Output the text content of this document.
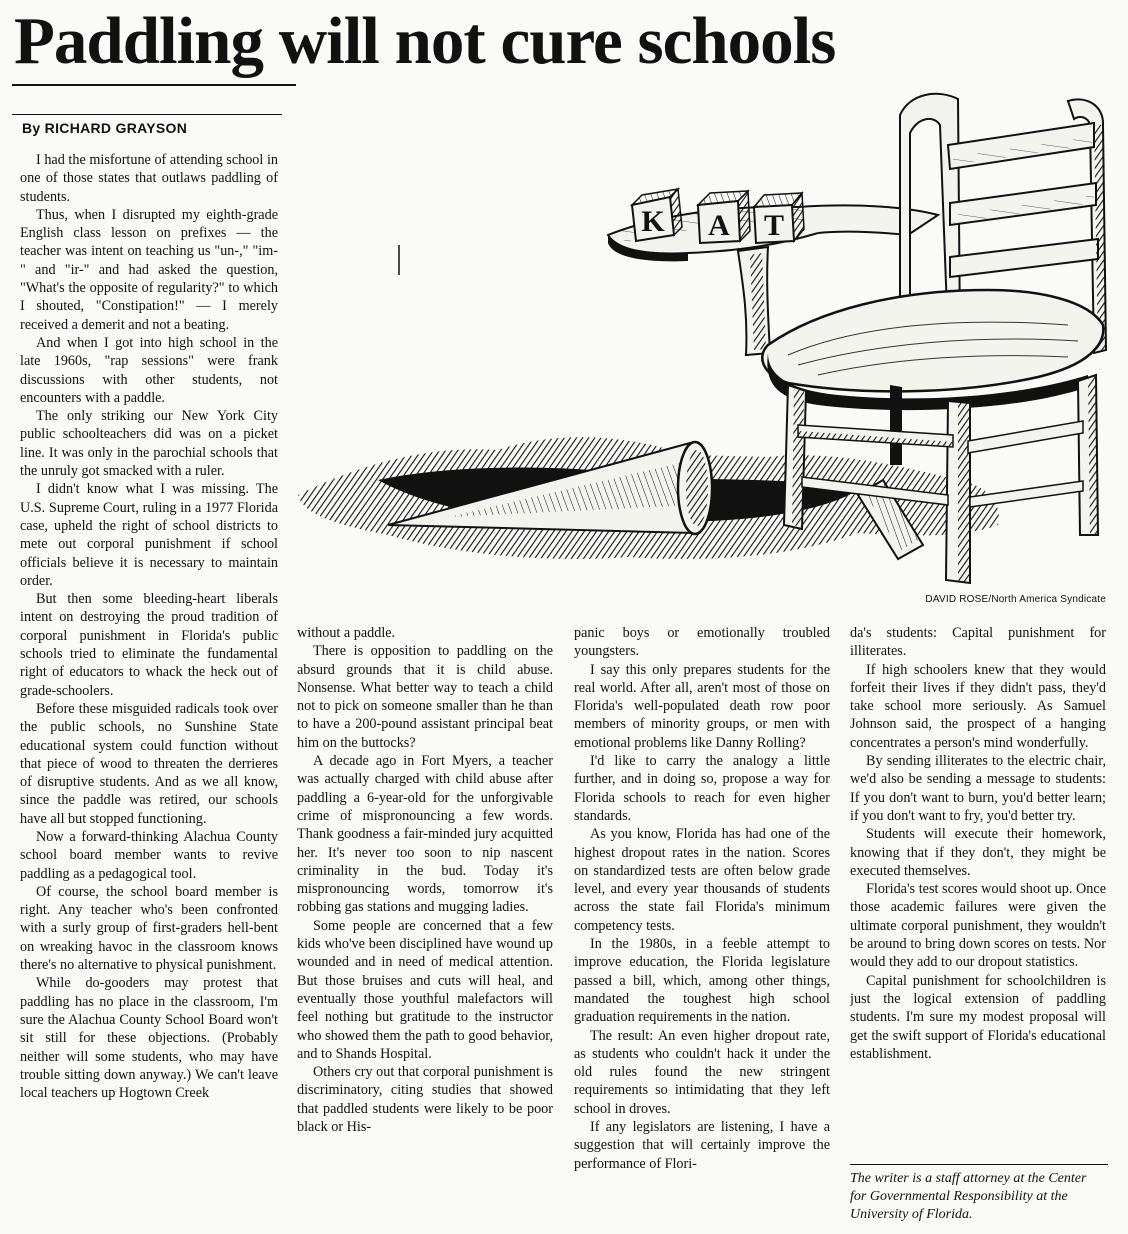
Paddling will not cure schools
By RICHARD GRAYSON
K A T
DAVID ROSE/North America Syndicate

I had the misfortune of attending school in one of those states that outlaws paddling of students.

Thus, when I disrupted my eighth-grade English class lesson on prefixes — the teacher was intent on teaching us "un-," "im-" and "ir-" and had asked the question, "What's the opposite of regularity?" to which I shouted, "Constipation!" — I merely received a demerit and not a beating.

And when I got into high school in the late 1960s, "rap sessions" were frank discussions with other students, not encounters with a paddle.

The only striking our New York City public schoolteachers did was on a picket line. It was only in the parochial schools that the unruly got smacked with a ruler.

I didn't know what I was missing. The U.S. Supreme Court, ruling in a 1977 Florida case, upheld the right of school districts to mete out corporal punishment if school officials believe it is necessary to maintain order.

But then some bleeding-heart liberals intent on destroying the proud tradition of corporal punishment in Florida's public schools tried to eliminate the fundamental right of educators to whack the heck out of grade-schoolers.

Before these misguided radicals took over the public schools, no Sunshine State educational system could function without that piece of wood to threaten the derrieres of disruptive students. And as we all know, since the paddle was retired, our schools have all but stopped functioning.

Now a forward-thinking Alachua County school board member wants to revive paddling as a pedagogical tool.

Of course, the school board member is right. Any teacher who's been confronted with a surly group of first-graders hell-bent on wreaking havoc in the classroom knows there's no alternative to physical punishment.

While do-gooders may protest that paddling has no place in the classroom, I'm sure the Alachua County School Board won't sit still for these objections. (Probably neither will some students, who may have trouble sitting down anyway.) We can't leave local teachers up Hogtown Creek

without a paddle.

There is opposition to paddling on the absurd grounds that it is child abuse. Nonsense. What better way to teach a child not to pick on someone smaller than he than to have a 200-pound assistant principal beat him on the buttocks?

A decade ago in Fort Myers, a teacher was actually charged with child abuse after paddling a 6-year-old for the unforgivable crime of mispronouncing a few words. Thank goodness a fair-minded jury acquitted her. It's never too soon to nip nascent criminality in the bud. Today it's mispronouncing words, tomorrow it's robbing gas stations and mugging ladies.

Some people are concerned that a few kids who've been disciplined have wound up wounded and in need of medical attention. But those bruises and cuts will heal, and eventually those youthful malefactors will feel nothing but gratitude to the instructor who showed them the path to good behavior, and to Shands Hospital.

Others cry out that corporal punishment is discriminatory, citing studies that showed that paddled students were likely to be poor black or His-

panic boys or emotionally troubled youngsters.

I say this only prepares students for the real world. After all, aren't most of those on Florida's well-populated death row poor members of minority groups, or men with emotional problems like Danny Rolling?

I'd like to carry the analogy a little further, and in doing so, propose a way for Florida schools to reach for even higher standards.

As you know, Florida has had one of the highest dropout rates in the nation. Scores on standardized tests are often below grade level, and every year thousands of students across the state fail Florida's minimum competency tests.

In the 1980s, in a feeble attempt to improve education, the Florida legislature passed a bill, which, among other things, mandated the toughest high school graduation requirements in the nation.

The result: An even higher dropout rate, as students who couldn't hack it under the old rules found the new stringent requirements so intimidating that they left school in droves.

If any legislators are listening, I have a suggestion that will certainly improve the performance of Flori-

da's students: Capital punishment for illiterates.

If high schoolers knew that they would forfeit their lives if they didn't pass, they'd take school more seriously. As Samuel Johnson said, the prospect of a hanging concentrates a person's mind wonderfully.

By sending illiterates to the electric chair, we'd also be sending a message to students: If you don't want to burn, you'd better learn; if you don't want to fry, you'd better try.

Students will execute their homework, knowing that if they don't, they might be executed themselves.

Florida's test scores would shoot up. Once those academic failures were given the ultimate corporal punishment, they wouldn't be around to bring down scores on tests. Nor would they add to our dropout statistics.

Capital punishment for schoolchildren is just the logical extension of paddling students. I'm sure my modest proposal will get the swift support of Florida's educational establishment.

The writer is a staff attorney at the Center for Governmental Responsibility at the University of Florida.
